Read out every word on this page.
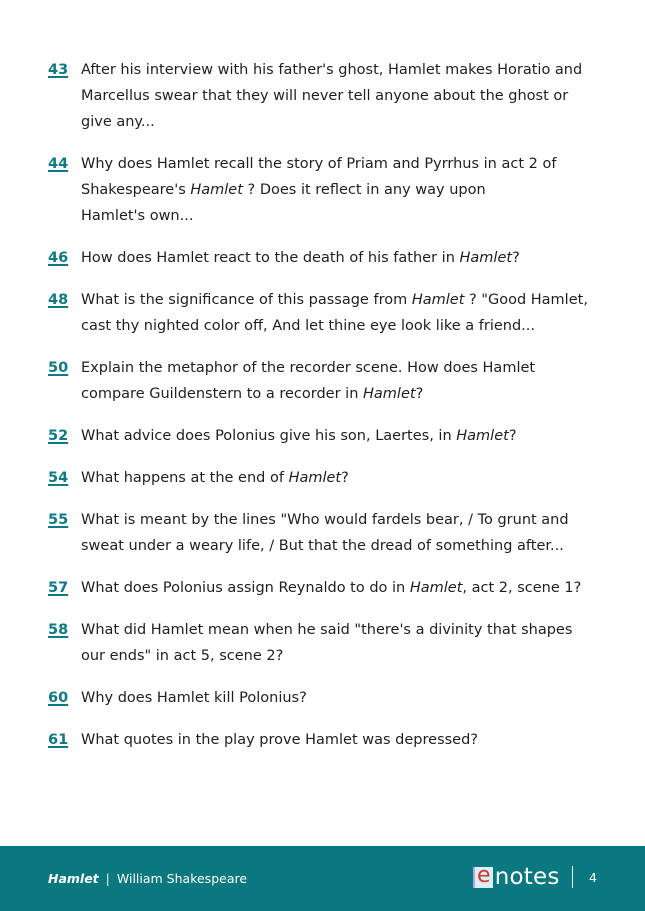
43 After his interview with his father's ghost, Hamlet makes Horatio and
Marcellus swear that they will never tell anyone about the ghost or
give any...
44 Why does Hamlet recall the story of Priam and Pyrrhus in act 2 of
Shakespeare's Hamlet ? Does it reflect in any way upon
Hamlet's own...
46 How does Hamlet react to the death of his father in Hamlet?
48 What is the significance of this passage from Hamlet ? "Good Hamlet,
cast thy nighted color off, And let thine eye look like a friend...
50 Explain the metaphor of the recorder scene. How does Hamlet
compare Guildenstern to a recorder in Hamlet?
52 What advice does Polonius give his son, Laertes, in Hamlet?
54 What happens at the end of Hamlet?
55 What is meant by the lines "Who would fardels bear, / To grunt and
sweat under a weary life, / But that the dread of something after...
57 What does Polonius assign Reynaldo to do in Hamlet, act 2, scene 1?
58 What did Hamlet mean when he said "there's a divinity that shapes
our ends" in act 5, scene 2?
60 Why does Hamlet kill Polonius?
61 What quotes in the play prove Hamlet was depressed?
Hamlet | William Shakespeare	e notes 4
